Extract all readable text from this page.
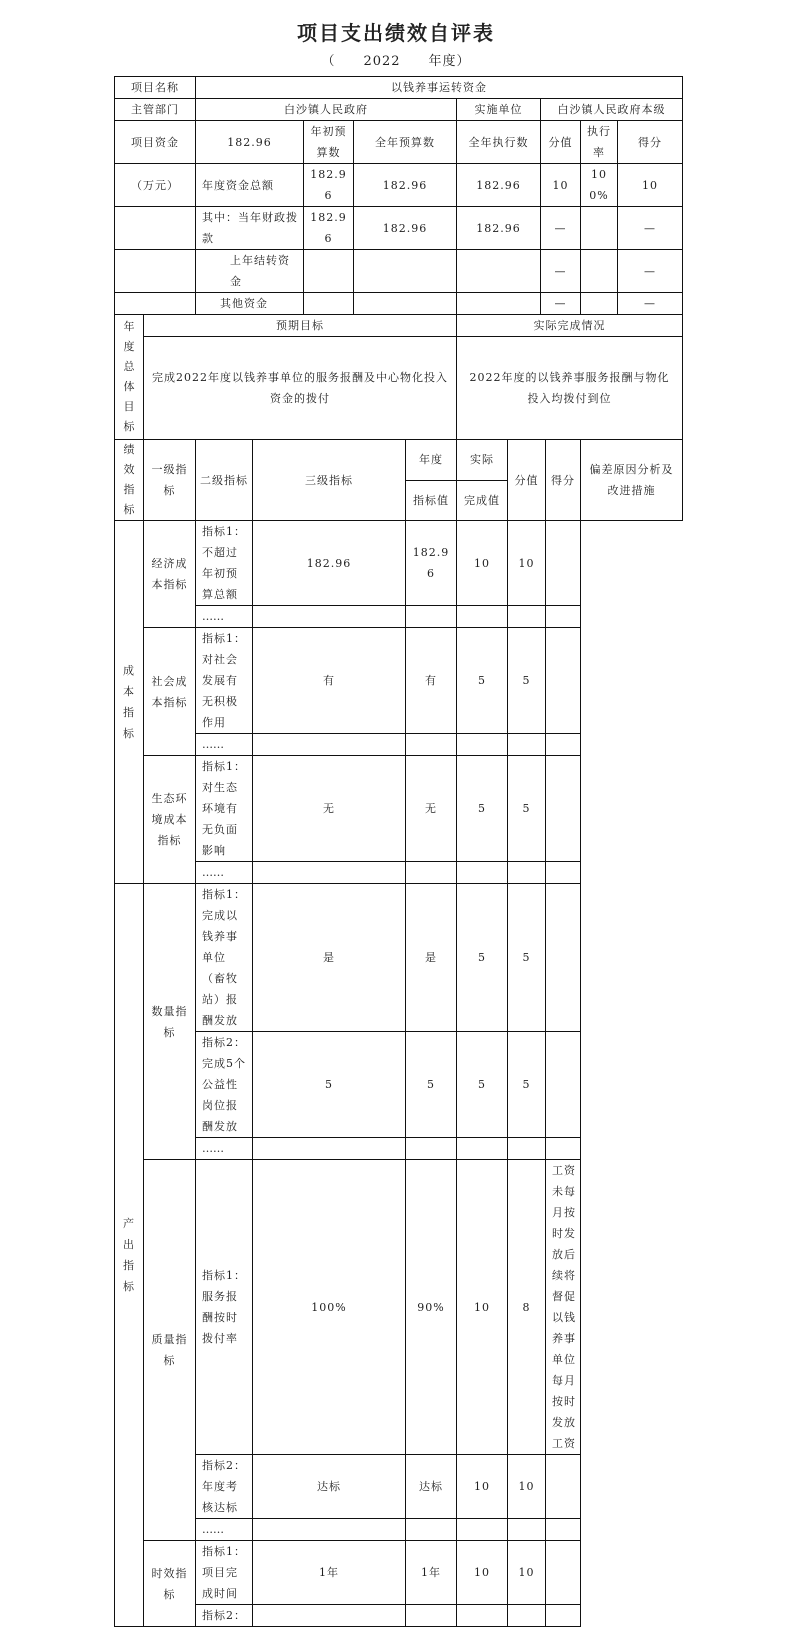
项目支出绩效自评表
（ 2022 年度）
项目名称	以钱养事运转资金						
主管部门	白沙镇人民政府			实施单位	白沙镇人民政府本级		
项目资金	182.96	年初预算数	全年预算数	全年执行数	分值	执行率	得分
（万元）	年度资金总额	182.96	182.96	182.96	10	100%	10
	其中：当年财政拨款	182.96	182.96	182.96	—		—
	上年结转资金				—		—
	其他资金				—		—
年度总体目标	预期目标	实际完成情况
	完成2022年度以钱养事单位的服务报酬及中心物化投入资金的拨付	2022年度的以钱养事服务报酬与物化投入均拨付到位
绩效指标	一级指标	二级指标	三级指标	年度	实际	分值	得分	偏差原因分析及改进措施
				指标值	完成值			
成本指标	经济成本指标	指标1：不超过年初预算总额	182.96	182.96	10	10		
		……						
	社会成本指标	指标1：对社会发展有无积极作用	有	有	5	5		
		……						
	生态环境成本指标	指标1：对生态环境有无负面影响	无	无	5	5		
		……						
产出指标	数量指标	指标1：完成以钱养事单位（畜牧站）报酬发放	是	是	5	5		
		指标2：完成5个公益性岗位报酬发放	5	5	5	5		
		……						
	质量指标	指标1：服务报酬按时拨付率	100%	90%	10	8	工资未每月按时发放后续将督促以钱养事单位每月按时发放工资	
		指标2：年度考核达标	达标	达标	10	10		
		……						
	时效指标	指标1：项目完成时间	1年	1年	10	10		
		指标2：						
